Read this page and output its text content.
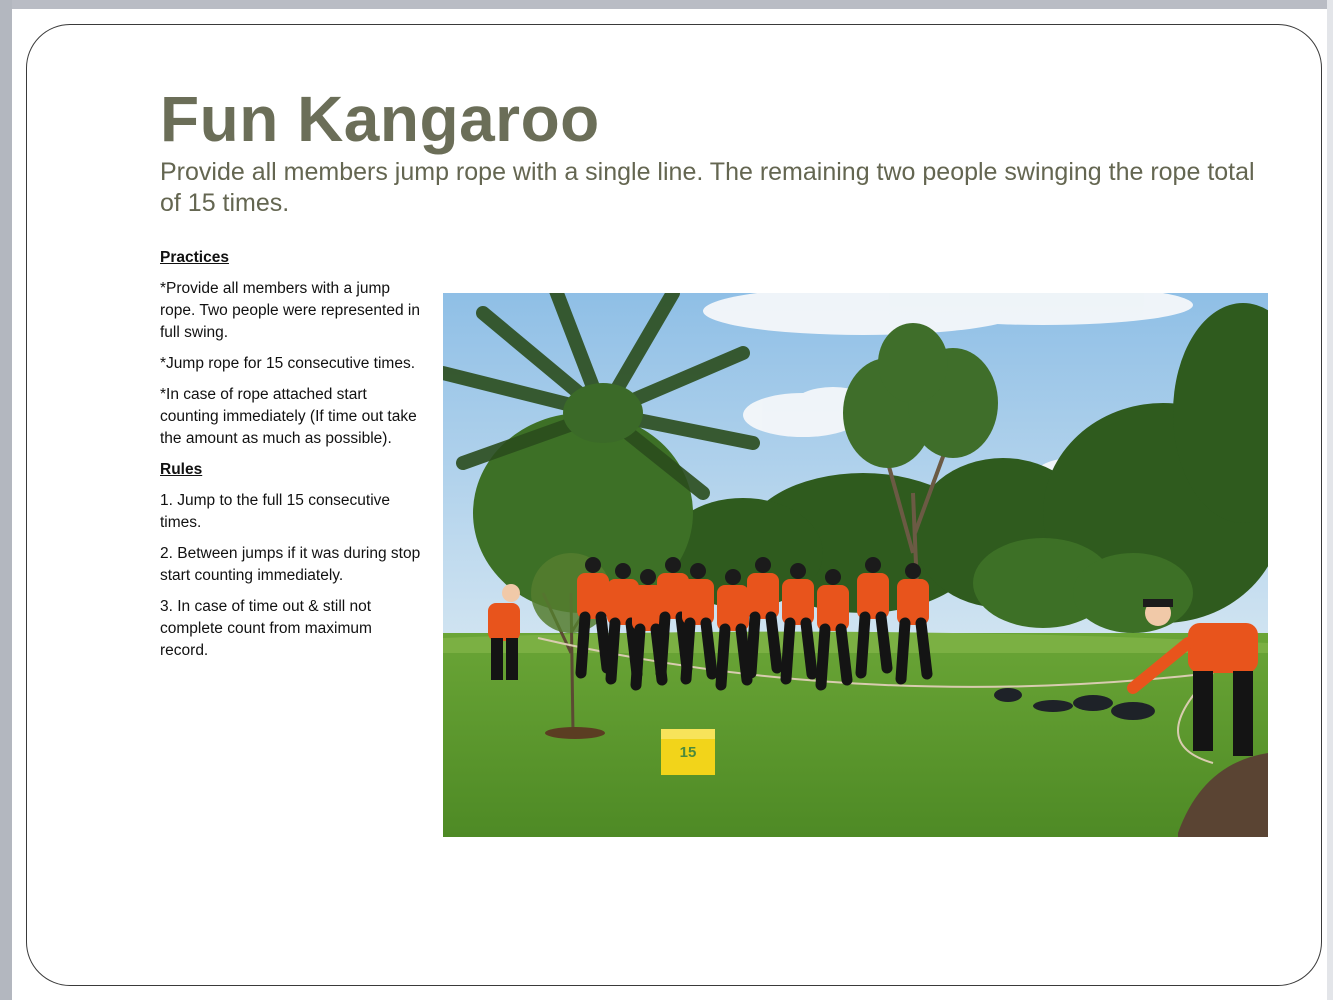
Fun Kangaroo

Provide all members jump rope with a single line. The remaining two people swinging the rope total of 15 times.

Practices

*Provide all members with a jump rope. Two people were represented in full swing.

*Jump rope for 15 consecutive times.

*In case of rope attached start counting immediately (If time out take the amount as much as possible).

Rules

1. Jump to the full 15 consecutive times.

2. Between jumps if it was during stop start counting immediately.

3. In case of time out & still not complete count from maximum record.

15
